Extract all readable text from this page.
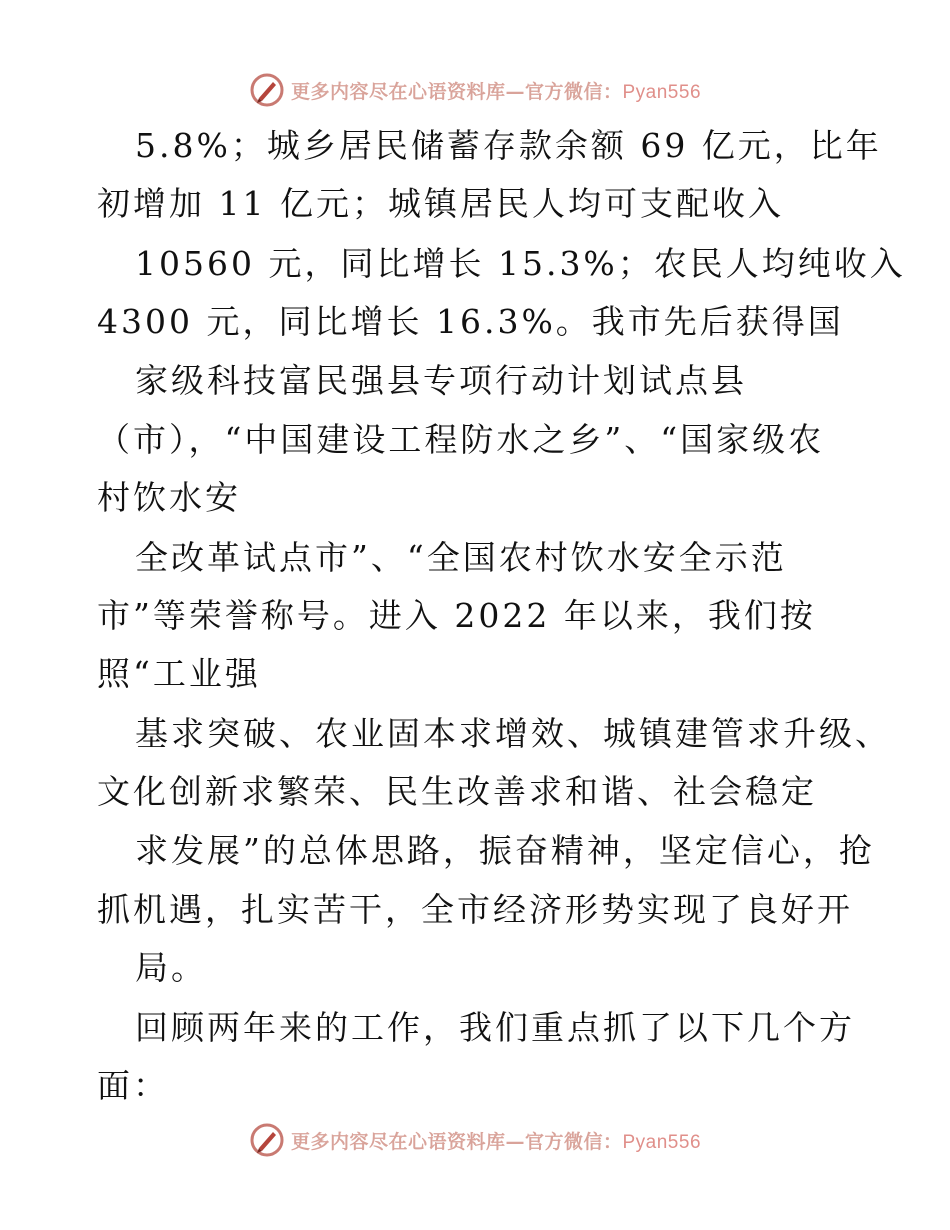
更多内容尽在心语资料库—官方微信：Pyan556
5.8%；城乡居民储蓄存款余额 69 亿元，比年
初增加 11 亿元；城镇居民人均可支配收入
10560 元，同比增长 15.3%；农民人均纯收入
4300 元，同比增长 16.3%。我市先后获得国
家级科技富民强县专项行动计划试点县
（市），“中国建设工程防水之乡”、“国家级农
村饮水安
全改革试点市”、“全国农村饮水安全示范
市”等荣誉称号。进入 2022 年以来，我们按
照“工业强
基求突破、农业固本求增效、城镇建管求升级、
文化创新求繁荣、民生改善求和谐、社会稳定
求发展”的总体思路，振奋精神，坚定信心，抢
抓机遇，扎实苦干，全市经济形势实现了良好开
局。
回顾两年来的工作，我们重点抓了以下几个方
面：
更多内容尽在心语资料库—官方微信：Pyan556
